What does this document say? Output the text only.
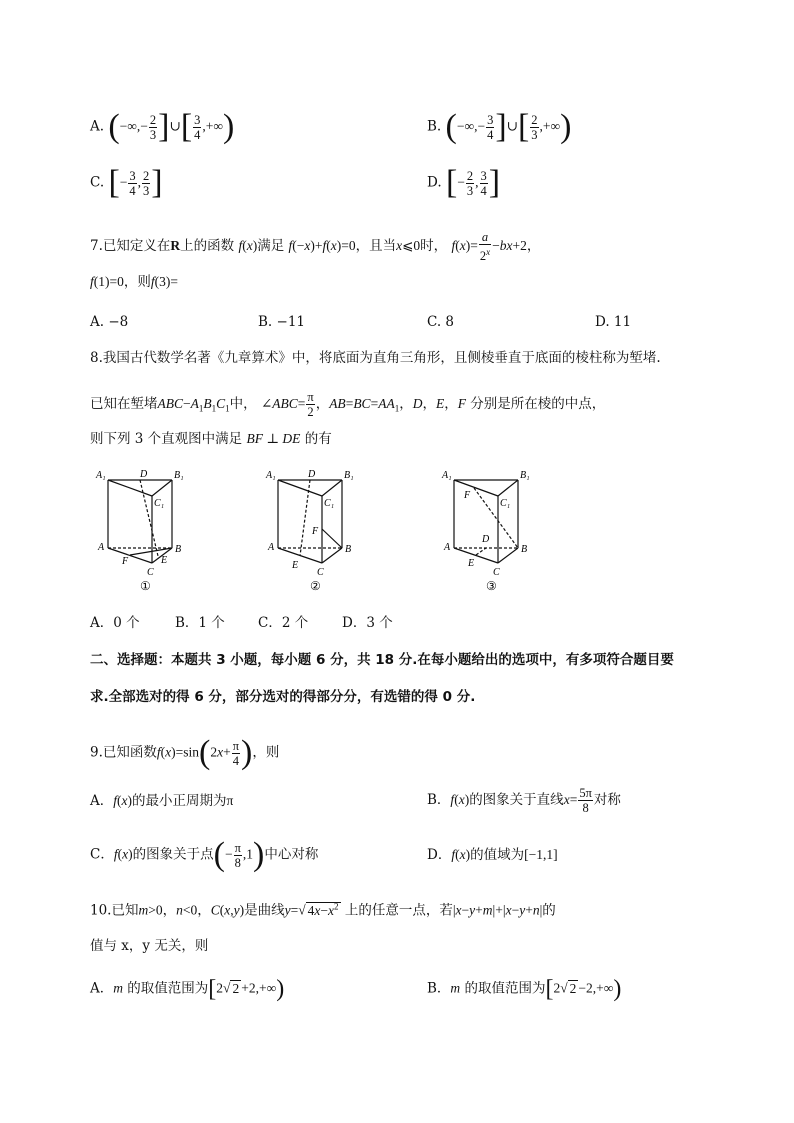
A. (−∞,− $\frac{2}{3}$ ]∪[ $\frac{3}{4}$ ,+∞)	B. (−∞,− $\frac{3}{4}$ ]∪[ $\frac{2}{3}$ ,+∞)
C. [− $\frac{3}{4}$ , $\frac{2}{3}$ ]	D. [− $\frac{2}{3}$ , $\frac{3}{4}$ ]
7.已知定义在R上的函数 f(x)满足 f(−x)+f(x)=0，且当x⩽0时， $f(x)= \frac{a}{2^x} -bx+2$，
f(1)=0，则f(3)=
A. −8	B. −11	C. 8	D. 11
8.我国古代数学名著《九章算术》中，将底面为直角三角形，且侧棱垂直于底面的棱柱称为堑堵.
已知在堑堵$ABC-A_1B_1C_1$中， ∠ABC= $\frac{\pi}{2}$ ，$AB=BC=AA_1$，D，E，F 分别是所在棱的中点，
则下列 3 个直观图中满足 BF ⊥ DE 的有
A₁	D	B₁
C₁
A	B
F	E
C
①
A₁	D	B₁
C₁
F
A	B
E
C
②
A₁	B₁
F
C₁
D
A	B
E
C
③
A．0 个	B．1 个 C．2 个	D．3 个
二、选择题：本题共 3 小题，每小题 6 分，共 18 分.在每小题给出的选项中，有多项符合题目要
求.全部选对的得 6 分，部分选对的得部分分，有选错的得 0 分.
9.已知函数$f(x)=\sin(2x+ \frac{\pi}{4}$ )，则
A．f(x)的最小正周期为π	B．f(x)的图象关于直线$x= \frac{5\pi}{8}$ 对称
C．f(x)的图象关于点(− $\frac{\pi}{8} ,1$)中心对称	D．f(x)的值域为[−1,1]
10.已知m>0，n<0，C(x,y)是曲线y=√ $4x-x^2$ 上的任意一点，若|x−y+m|+|x−y+n|的
值与 x，y 无关，则
A．m 的取值范围为[2√ 2 +2,+∞)	B．m 的取值范围为[2√ 2 −2,+∞)
